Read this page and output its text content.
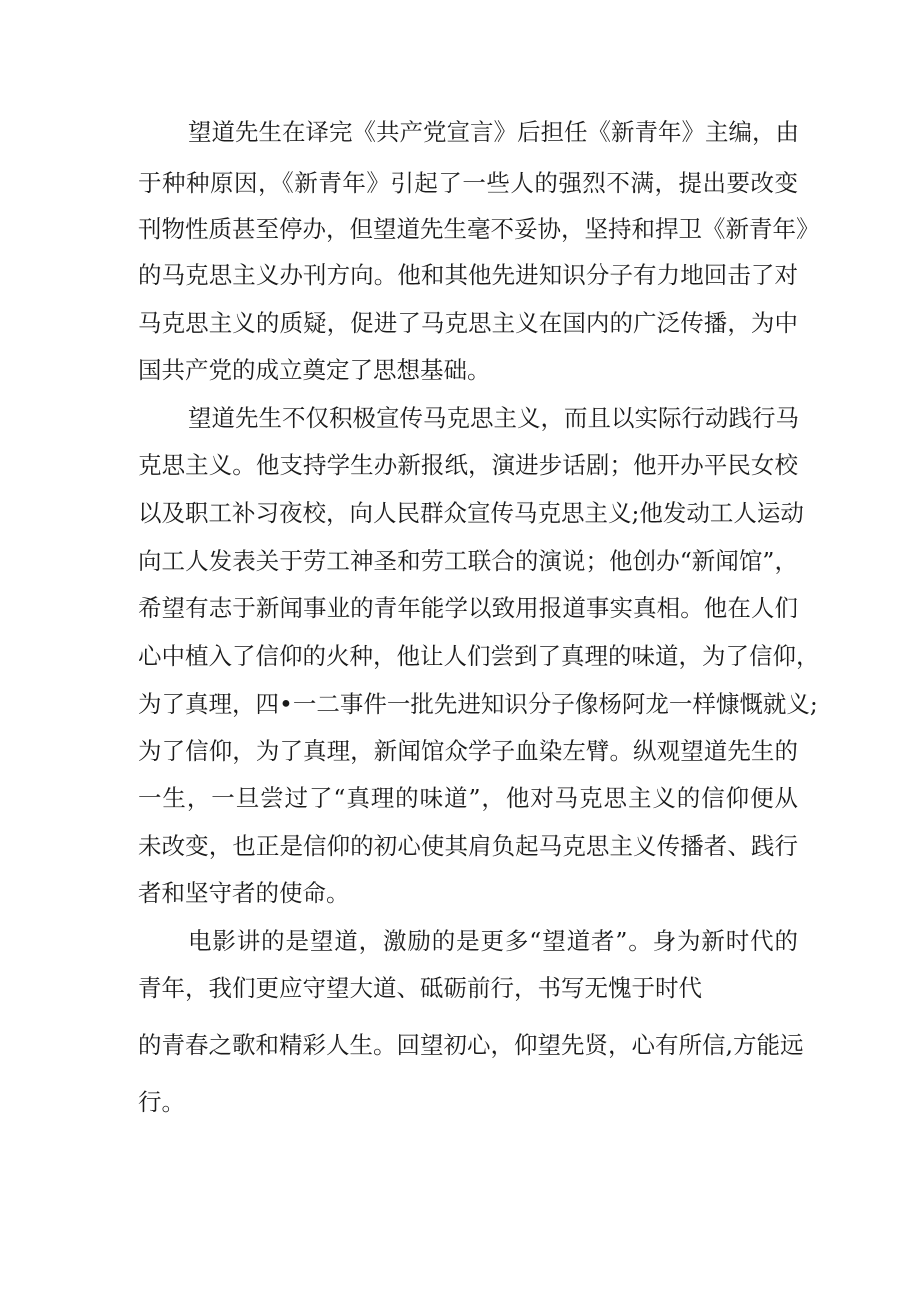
望道先生在译完《共产党宣言》后担任《新青年》主编，由
于种种原因，《新青年》引起了一些人的强烈不满，提出要改变
刊物性质甚至停办，但望道先生毫不妥协，坚持和捍卫《新青年》
的马克思主义办刊方向。他和其他先进知识分子有力地回击了对
马克思主义的质疑，促进了马克思主义在国内的广泛传播，为中
国共产党的成立奠定了思想基础。
望道先生不仅积极宣传马克思主义，而且以实际行动践行马
克思主义。他支持学生办新报纸，演进步话剧；他开办平民女校
以及职工补习夜校，向人民群众宣传马克思主义;他发动工人运动
向工人发表关于劳工神圣和劳工联合的演说；他创办“新闻馆”，
希望有志于新闻事业的青年能学以致用报道事实真相。他在人们
心中植入了信仰的火种，他让人们尝到了真理的味道，为了信仰，
为了真理，四•一二事件一批先进知识分子像杨阿龙一样慷慨就义;
为了信仰，为了真理，新闻馆众学子血染左臂。纵观望道先生的
一生，一旦尝过了“真理的味道”，他对马克思主义的信仰便从
未改变，也正是信仰的初心使其肩负起马克思主义传播者、践行
者和坚守者的使命。
电影讲的是望道，激励的是更多“望道者”。身为新时代的
青年，我们更应守望大道、砥砺前行，书写无愧于时代
的青春之歌和精彩人生。回望初心，仰望先贤，心有所信,方能远
行。
